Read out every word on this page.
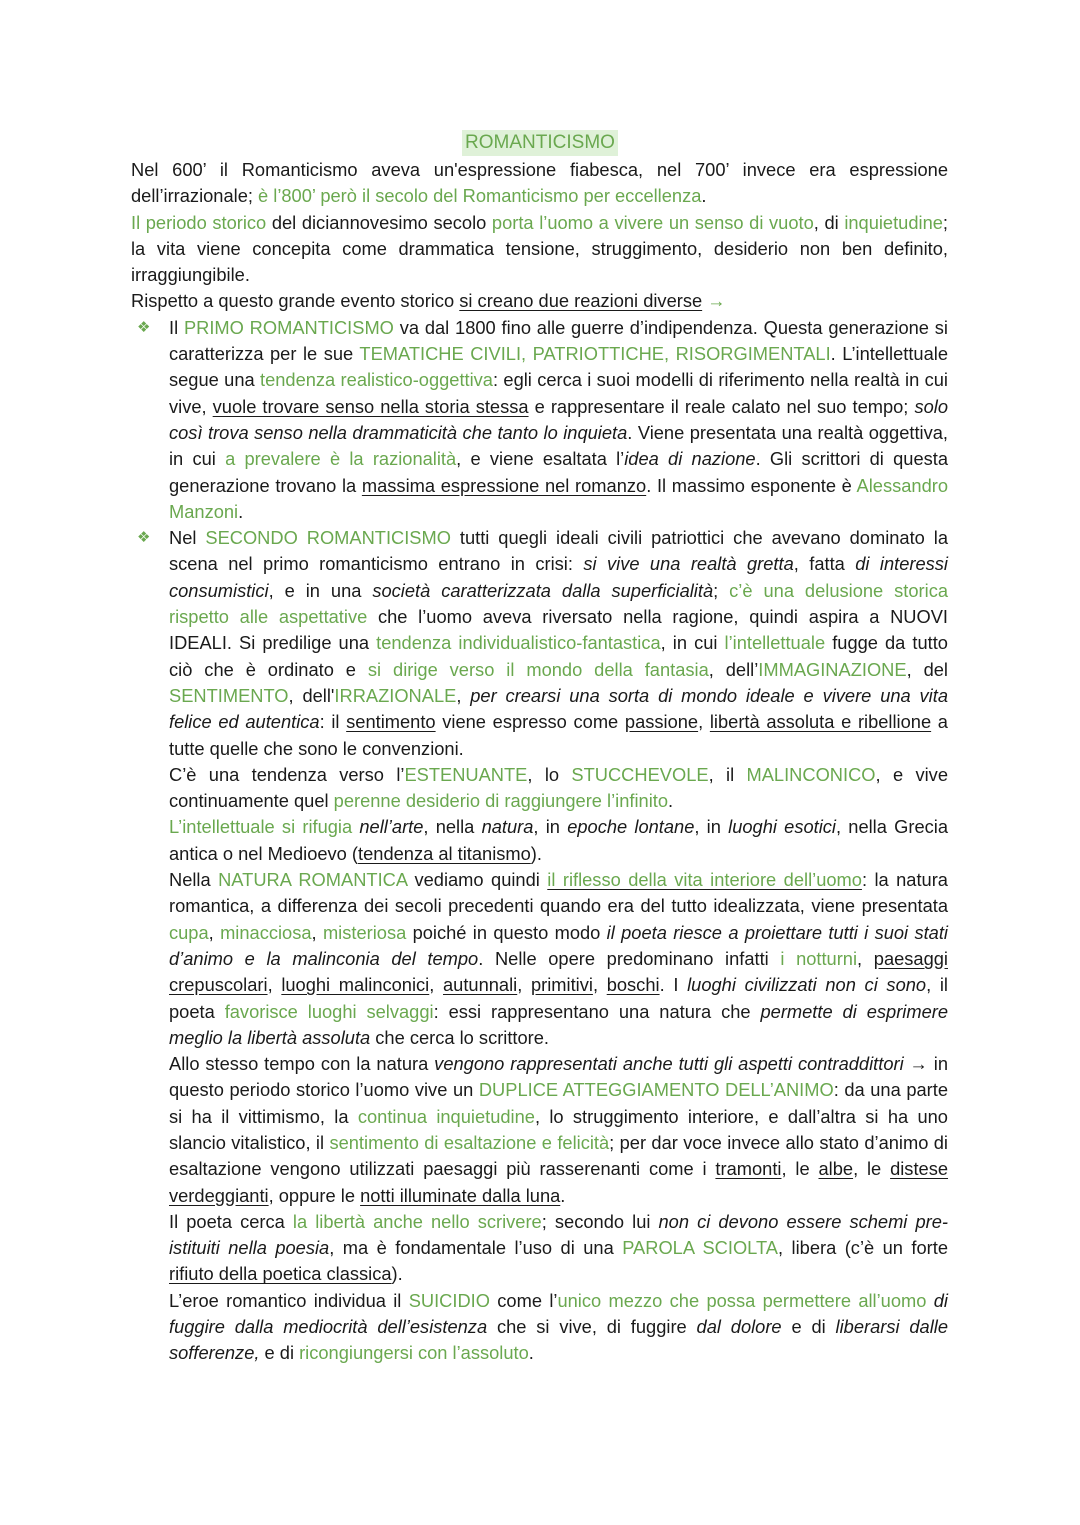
ROMANTICISMO

Nel 600’ il Romanticismo aveva un'espressione fiabesca, nel 700’ invece era espressione dell’irrazionale; è l’800’ però il secolo del Romanticismo per eccellenza.

Il periodo storico del diciannovesimo secolo porta l’uomo a vivere un senso di vuoto, di inquietudine; la vita viene concepita come drammatica tensione, struggimento, desiderio non ben definito, irraggiungibile.

Rispetto a questo grande evento storico si creano due reazioni diverse →

❖ Il PRIMO ROMANTICISMO va dal 1800 fino alle guerre d’indipendenza. Questa generazione si caratterizza per le sue TEMATICHE CIVILI, PATRIOTTICHE, RISORGIMENTALI. L’intellettuale segue una tendenza realistico-oggettiva: egli cerca i suoi modelli di riferimento nella realtà in cui vive, vuole trovare senso nella storia stessa e rappresentare il reale calato nel suo tempo; solo così trova senso nella drammaticità che tanto lo inquieta. Viene presentata una realtà oggettiva, in cui a prevalere è la razionalità, e viene esaltata l’idea di nazione. Gli scrittori di questa generazione trovano la massima espressione nel romanzo. Il massimo esponente è Alessandro Manzoni.

❖ Nel SECONDO ROMANTICISMO tutti quegli ideali civili patriottici che avevano dominato la scena nel primo romanticismo entrano in crisi: si vive una realtà gretta, fatta di interessi consumistici, e in una società caratterizzata dalla superficialità; c’è una delusione storica rispetto alle aspettative che l’uomo aveva riversato nella ragione, quindi aspira a NUOVI IDEALI. Si predilige una tendenza individualistico-fantastica, in cui l’intellettuale fugge da tutto ciò che è ordinato e si dirige verso il mondo della fantasia, dell’IMMAGINAZIONE, del SENTIMENTO, dell'IRRAZIONALE, per crearsi una sorta di mondo ideale e vivere una vita felice ed autentica: il sentimento viene espresso come passione, libertà assoluta e ribellione a tutte quelle che sono le convenzioni.

C’è una tendenza verso l’ESTENUANTE, lo STUCCHEVOLE, il MALINCONICO, e vive continuamente quel perenne desiderio di raggiungere l’infinito.

L’intellettuale si rifugia nell’arte, nella natura, in epoche lontane, in luoghi esotici, nella Grecia antica o nel Medioevo (tendenza al titanismo).

Nella NATURA ROMANTICA vediamo quindi il riflesso della vita interiore dell’uomo: la natura romantica, a differenza dei secoli precedenti quando era del tutto idealizzata, viene presentata cupa, minacciosa, misteriosa poiché in questo modo il poeta riesce a proiettare tutti i suoi stati d’animo e la malinconia del tempo. Nelle opere predominano infatti i notturni, paesaggi crepuscolari, luoghi malinconici, autunnali, primitivi, boschi. I luoghi civilizzati non ci sono, il poeta favorisce luoghi selvaggi: essi rappresentano una natura che permette di esprimere meglio la libertà assoluta che cerca lo scrittore.

Allo stesso tempo con la natura vengono rappresentati anche tutti gli aspetti contraddittori → in questo periodo storico l’uomo vive un DUPLICE ATTEGGIAMENTO DELL’ANIMO: da una parte si ha il vittimismo, la continua inquietudine, lo struggimento interiore, e dall’altra si ha uno slancio vitalistico, il sentimento di esaltazione e felicità; per dar voce invece allo stato d’animo di esaltazione vengono utilizzati paesaggi più rasserenanti come i tramonti, le albe, le distese verdeggianti, oppure le notti illuminate dalla luna.

Il poeta cerca la libertà anche nello scrivere; secondo lui non ci devono essere schemi pre-istituiti nella poesia, ma è fondamentale l’uso di una PAROLA SCIOLTA, libera (c’è un forte rifiuto della poetica classica).

L’eroe romantico individua il SUICIDIO come l’unico mezzo che possa permettere all’uomo di fuggire dalla mediocrità dell’esistenza che si vive, di fuggire dal dolore e di liberarsi dalle sofferenze, e di ricongiungersi con l’assoluto.
